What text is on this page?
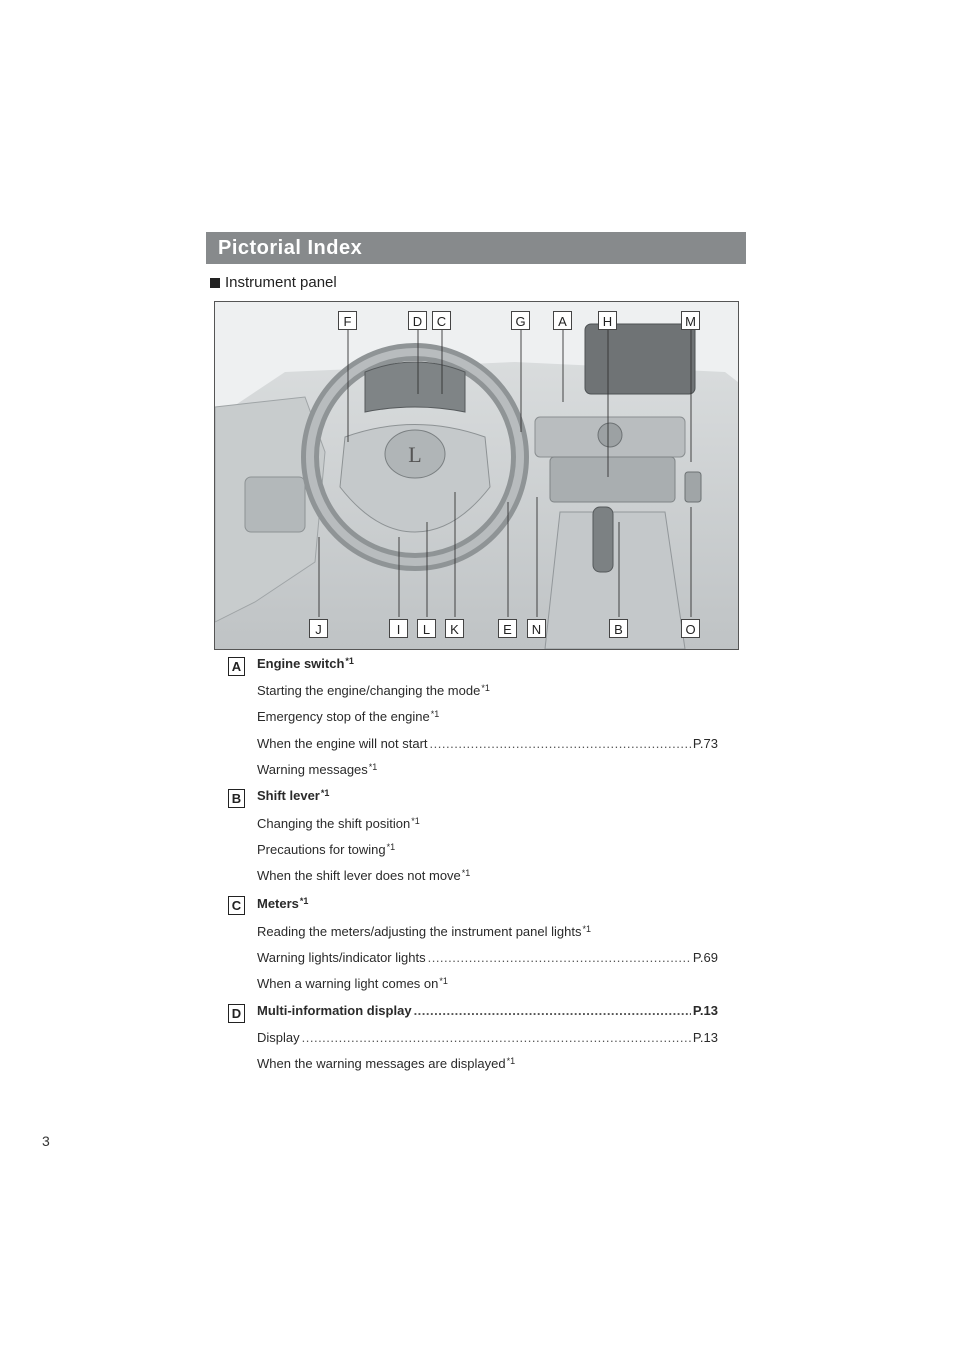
3
Pictorial Index
Instrument panel
L
F	D	C	G	A	H	M
J	I	L	K	E	N	B	O
A Engine switch *1
Starting the engine/changing the mode *1
Emergency stop of the engine *1
When the engine will not start .....	P.73
Warning messages *1
B Shift lever *1
Changing the shift position *1
Precautions for towing *1
When the shift lever does not move *1
C Meters *1
Reading the meters/adjusting the instrument panel lights *1
Warning lights/indicator lights .....	P.69
When a warning light comes on *1
D Multi-information display .....	P.13
Display .....	P.13
When the warning messages are displayed *1
